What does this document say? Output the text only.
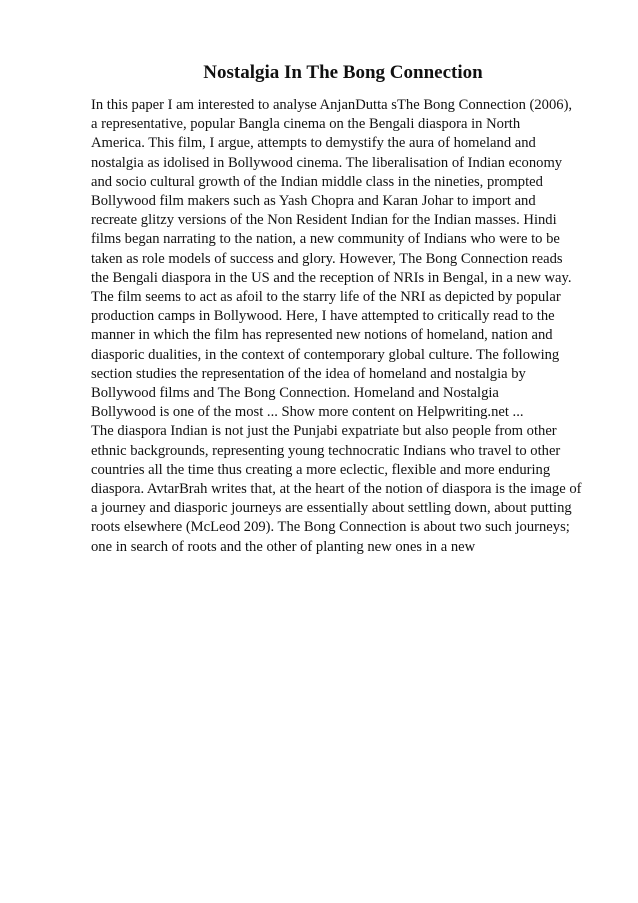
Nostalgia In The Bong Connection
In this paper I am interested to analyse AnjanDutta sThe Bong Connection (2006),
a representative, popular Bangla cinema on the Bengali diaspora in North
America. This film, I argue, attempts to demystify the aura of homeland and
nostalgia as idolised in Bollywood cinema. The liberalisation of Indian economy
and socio cultural growth of the Indian middle class in the nineties, prompted
Bollywood film makers such as Yash Chopra and Karan Johar to import and
recreate glitzy versions of the Non Resident Indian for the Indian masses. Hindi
films began narrating to the nation, a new community of Indians who were to be
taken as role models of success and glory. However, The Bong Connection reads
the Bengali diaspora in the US and the reception of NRIs in Bengal, in a new way.
The film seems to act as afoil to the starry life of the NRI as depicted by popular
production camps in Bollywood. Here, I have attempted to critically read to the
manner in which the film has represented new notions of homeland, nation and
diasporic dualities, in the context of contemporary global culture. The following
section studies the representation of the idea of homeland and nostalgia by
Bollywood films and The Bong Connection. Homeland and Nostalgia
Bollywood is one of the most ... Show more content on Helpwriting.net ...
The diaspora Indian is not just the Punjabi expatriate but also people from other
ethnic backgrounds, representing young technocratic Indians who travel to other
countries all the time thus creating a more eclectic, flexible and more enduring
diaspora. AvtarBrah writes that, at the heart of the notion of diaspora is the image of
a journey and diasporic journeys are essentially about settling down, about putting
roots elsewhere (McLeod 209). The Bong Connection is about two such journeys;
one in search of roots and the other of planting new ones in a new
